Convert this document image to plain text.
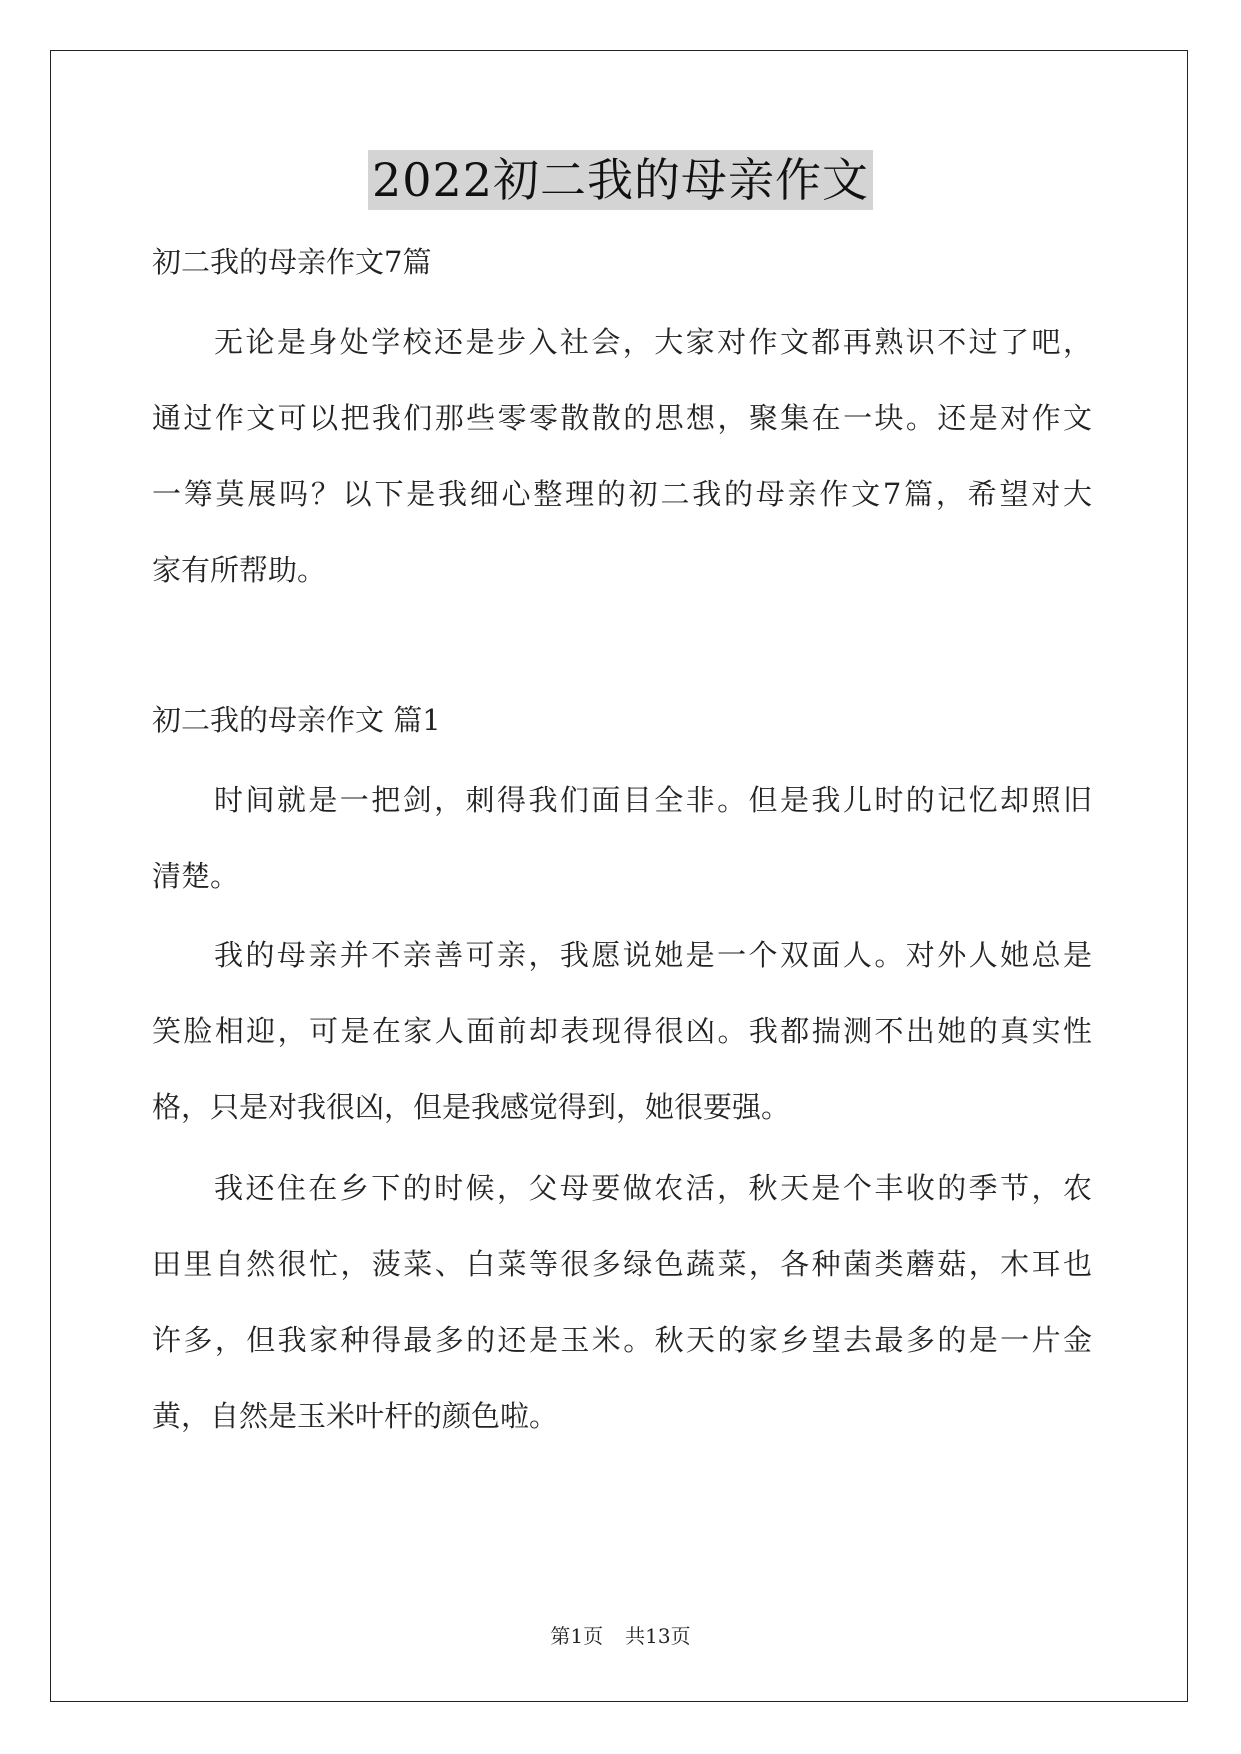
2022初二我的母亲作文
初二我的母亲作文7篇
无论是身处学校还是步入社会，大家对作文都再熟识不过了吧，
通过作文可以把我们那些零零散散的思想，聚集在一块。还是对作文
一筹莫展吗？以下是我细心整理的初二我的母亲作文7篇，希望对大
家有所帮助。
初二我的母亲作文 篇1
时间就是一把剑，刺得我们面目全非。但是我儿时的记忆却照旧
清楚。
我的母亲并不亲善可亲，我愿说她是一个双面人。对外人她总是
笑脸相迎，可是在家人面前却表现得很凶。我都揣测不出她的真实性
格，只是对我很凶，但是我感觉得到，她很要强。
我还住在乡下的时候，父母要做农活，秋天是个丰收的季节，农
田里自然很忙，菠菜、白菜等很多绿色蔬菜，各种菌类蘑菇，木耳也
许多，但我家种得最多的还是玉米。秋天的家乡望去最多的是一片金
黄，自然是玉米叶杆的颜色啦。
第1页 共13页
